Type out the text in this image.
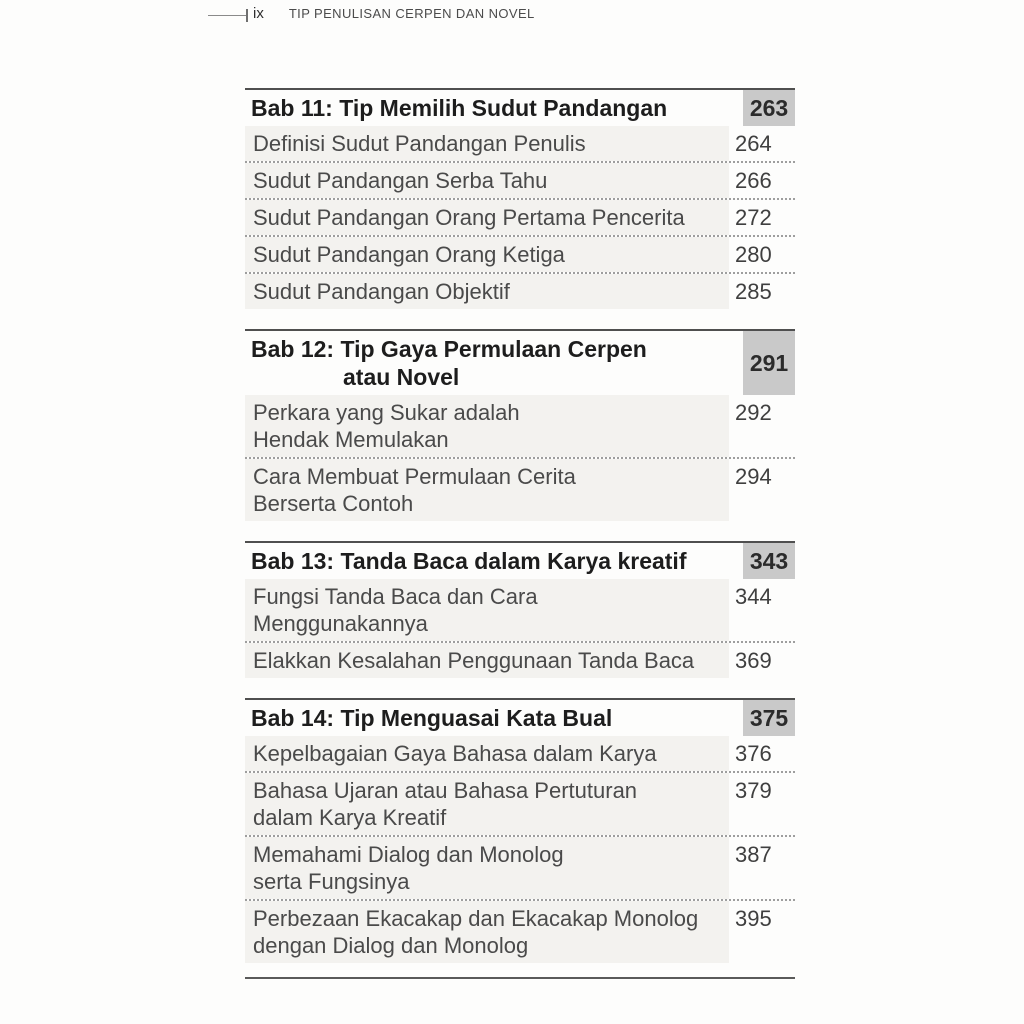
ix TIP PENULISAN CERPEN DAN NOVEL
Bab 11: Tip Memilih Sudut Pandangan	263
Definisi Sudut Pandangan Penulis	264
Sudut Pandangan Serba Tahu	266
Sudut Pandangan Orang Pertama Pencerita	272
Sudut Pandangan Orang Ketiga	280
Sudut Pandangan Objektif	285
Bab 12: Tip Gaya Permulaan Cerpen
atau Novel
291
Perkara yang Sukar adalah
Hendak Memulakan
292
Cara Membuat Permulaan Cerita
Berserta Contoh
294
Bab 13: Tanda Baca dalam Karya kreatif	343
Fungsi Tanda Baca dan Cara
Menggunakannya
344
Elakkan Kesalahan Penggunaan Tanda Baca	369
Bab 14: Tip Menguasai Kata Bual	375
Kepelbagaian Gaya Bahasa dalam Karya	376
Bahasa Ujaran atau Bahasa Pertuturan
dalam Karya Kreatif
379
Memahami Dialog dan Monolog
serta Fungsinya
387
Perbezaan Ekacakap dan Ekacakap Monolog
dengan Dialog dan Monolog
395
